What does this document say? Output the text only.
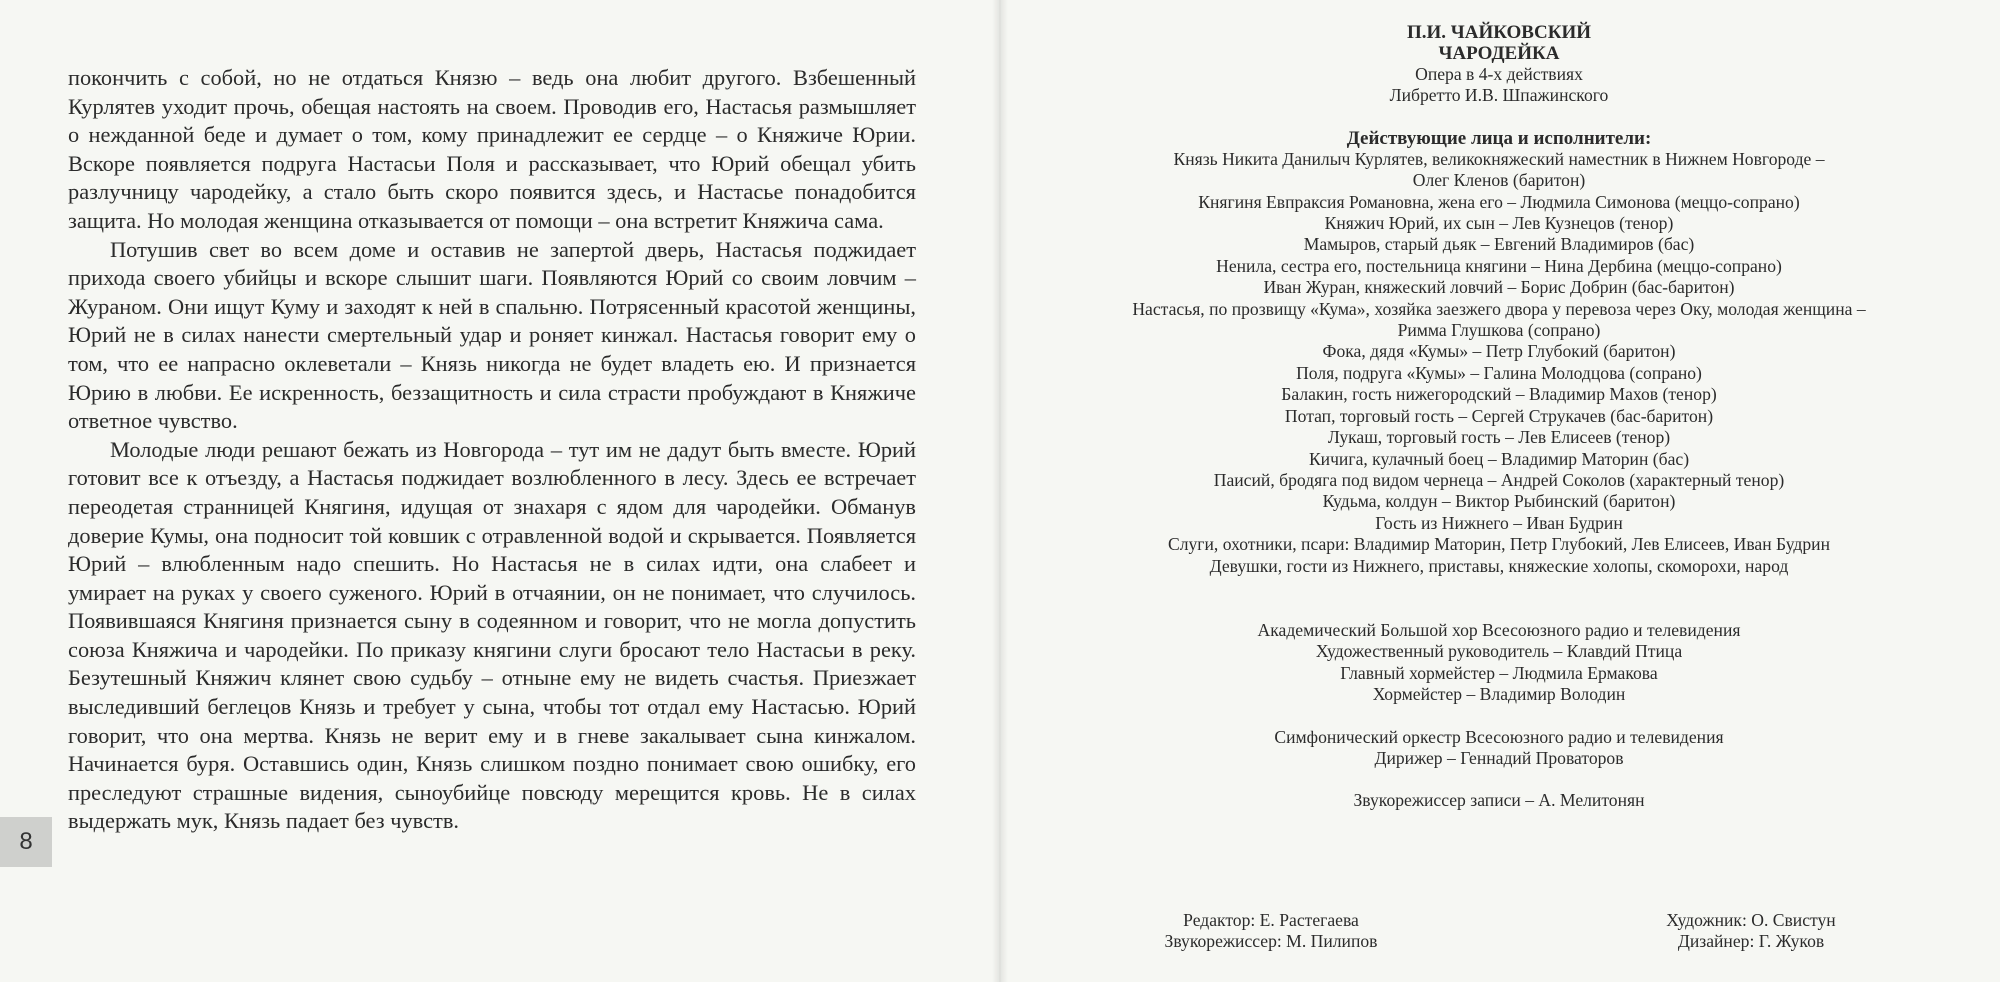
покончить с собой, но не отдаться Князю – ведь она любит другого. Взбешенный Курлятев уходит прочь, обещая настоять на своем. Проводив его, Настасья размышляет о нежданной беде и думает о том, кому принадлежит ее сердце – о Княжиче Юрии. Вскоре появляется подруга Настасьи Поля и рассказывает, что Юрий обещал убить разлучницу чародейку, а стало быть скоро появится здесь, и Настасье понадобится защита. Но молодая женщина отказывается от помощи – она встретит Княжича сама.

Потушив свет во всем доме и оставив не запертой дверь, Настасья поджидает прихода своего убийцы и вскоре слышит шаги. Появляются Юрий со своим ловчим – Жураном. Они ищут Куму и заходят к ней в спальню. Потрясенный красотой женщины, Юрий не в силах нанести смертельный удар и роняет кинжал. Настасья говорит ему о том, что ее напрасно оклеветали – Князь никогда не будет владеть ею. И признается Юрию в любви. Ее искренность, беззащитность и сила страсти пробуждают в Княжиче ответное чувство.

Молодые люди решают бежать из Новгорода – тут им не дадут быть вместе. Юрий готовит все к отъезду, а Настасья поджидает возлюбленного в лесу. Здесь ее встречает переодетая странницей Княгиня, идущая от знахаря с ядом для чародейки. Обманув доверие Кумы, она подносит той ковшик с отравленной водой и скрывается. Появляется Юрий – влюбленным надо спешить. Но Настасья не в силах идти, она слабеет и умирает на руках у своего суженого. Юрий в отчаянии, он не понимает, что случилось. Появившаяся Княгиня признается сыну в содеянном и говорит, что не могла допустить союза Княжича и чародейки. По приказу княгини слуги бросают тело Настасьи в реку. Безутешный Княжич клянет свою судьбу – отныне ему не видеть счастья. Приезжает выследивший беглецов Князь и требует у сына, чтобы тот отдал ему Настасью. Юрий говорит, что она мертва. Князь не верит ему и в гневе закалывает сына кинжалом. Начинается буря. Оставшись один, Князь слишком поздно понимает свою ошибку, его преследуют страшные видения, сыноубийце повсюду мерещится кровь. Не в силах выдержать мук, Князь падает без чувств.

8
П.И. ЧАЙКОВСКИЙ
ЧАРОДЕЙКА
Опера в 4-х действиях
Либретто И.В. Шпажинского
Действующие лица и исполнители:
Князь Никита Данилыч Курлятев, великокняжеский наместник в Нижнем Новгороде –
Олег Кленов (баритон)
Княгиня Евпраксия Романовна, жена его – Людмила Симонова (меццо-сопрано)
Княжич Юрий, их сын – Лев Кузнецов (тенор)
Мамыров, старый дьяк – Евгений Владимиров (бас)
Ненила, сестра его, постельница княгини – Нина Дербина (меццо-сопрано)
Иван Журан, княжеский ловчий – Борис Добрин (бас-баритон)
Настасья, по прозвищу «Кума», хозяйка заезжего двора у перевоза через Оку, молодая женщина –
Римма Глушкова (сопрано)
Фока, дядя «Кумы» – Петр Глубокий (баритон)
Поля, подруга «Кумы» – Галина Молодцова (сопрано)
Балакин, гость нижегородский – Владимир Махов (тенор)
Потап, торговый гость – Сергей Струкачев (бас-баритон)
Лукаш, торговый гость – Лев Елисеев (тенор)
Кичига, кулачный боец – Владимир Маторин (бас)
Паисий, бродяга под видом чернеца – Андрей Соколов (характерный тенор)
Кудьма, колдун – Виктор Рыбинский (баритон)
Гость из Нижнего – Иван Будрин
Слуги, охотники, псари: Владимир Маторин, Петр Глубокий, Лев Елисеев, Иван Будрин
Девушки, гости из Нижнего, приставы, княжеские холопы, скоморохи, народ
Академический Большой хор Всесоюзного радио и телевидения
Художественный руководитель – Клавдий Птица
Главный хормейстер – Людмила Ермакова
Хормейстер – Владимир Володин
Симфонический оркестр Всесоюзного радио и телевидения
Дирижер – Геннадий Проваторов
Звукорежиссер записи – А. Мелитонян
Редактор: Е. Растегаева
Звукорежиссер: М. Пилипов
Художник: О. Свистун
Дизайнер: Г. Жуков
